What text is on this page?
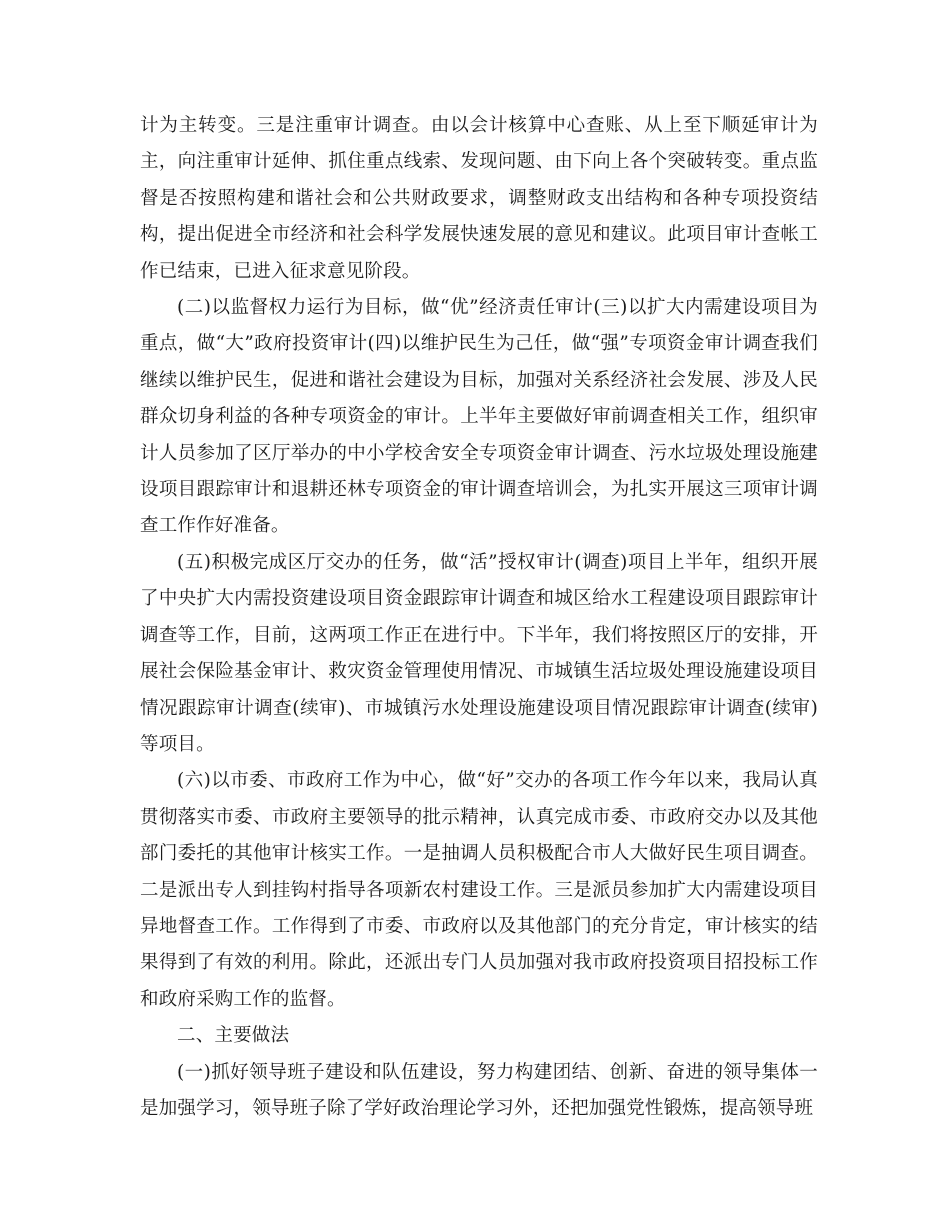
计为主转变。三是注重审计调查。由以会计核算中心查账、从上至下顺延审计为主，向注重审计延伸、抓住重点线索、发现问题、由下向上各个突破转变。重点监督是否按照构建和谐社会和公共财政要求，调整财政支出结构和各种专项投资结构，提出促进全市经济和社会科学发展快速发展的意见和建议。此项目审计查帐工作已结束，已进入征求意见阶段。

(二)以监督权力运行为目标，做“优”经济责任审计(三)以扩大内需建设项目为重点，做“大”政府投资审计(四)以维护民生为己任，做“强”专项资金审计调查我们继续以维护民生，促进和谐社会建设为目标，加强对关系经济社会发展、涉及人民群众切身利益的各种专项资金的审计。上半年主要做好审前调查相关工作，组织审计人员参加了区厅举办的中小学校舍安全专项资金审计调查、污水垃圾处理设施建设项目跟踪审计和退耕还林专项资金的审计调查培训会，为扎实开展这三项审计调查工作作好准备。

(五)积极完成区厅交办的任务，做“活”授权审计(调查)项目上半年，组织开展了中央扩大内需投资建设项目资金跟踪审计调查和城区给水工程建设项目跟踪审计调查等工作，目前，这两项工作正在进行中。下半年，我们将按照区厅的安排，开展社会保险基金审计、救灾资金管理使用情况、市城镇生活垃圾处理设施建设项目情况跟踪审计调查(续审)、市城镇污水处理设施建设项目情况跟踪审计调查(续审)等项目。

(六)以市委、市政府工作为中心，做“好”交办的各项工作今年以来，我局认真贯彻落实市委、市政府主要领导的批示精神，认真完成市委、市政府交办以及其他部门委托的其他审计核实工作。一是抽调人员积极配合市人大做好民生项目调查。二是派出专人到挂钩村指导各项新农村建设工作。三是派员参加扩大内需建设项目异地督查工作。工作得到了市委、市政府以及其他部门的充分肯定，审计核实的结果得到了有效的利用。除此，还派出专门人员加强对我市政府投资项目招投标工作和政府采购工作的监督。

二、主要做法

(一)抓好领导班子建设和队伍建设，努力构建团结、创新、奋进的领导集体一是加强学习，领导班子除了学好政治理论学习外，还把加强党性锻炼，提高领导班
